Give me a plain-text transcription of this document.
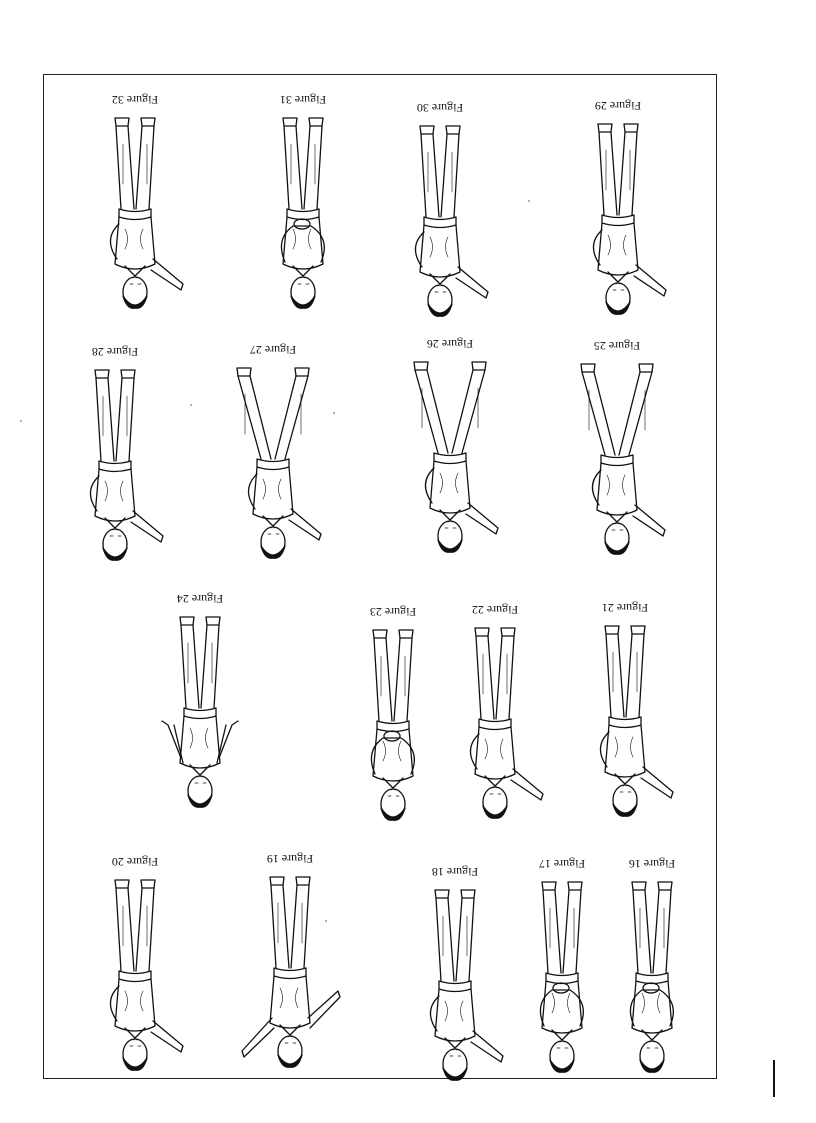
Figure 16
Figure 17
Figure 18
Figure 19
Figure 20
Figure 21
Figure 22
Figure 23
Figure 24
Figure 25
Figure 26
Figure 27
Figure 28
Figure 29
Figure 30
Figure 31
Figure 32
